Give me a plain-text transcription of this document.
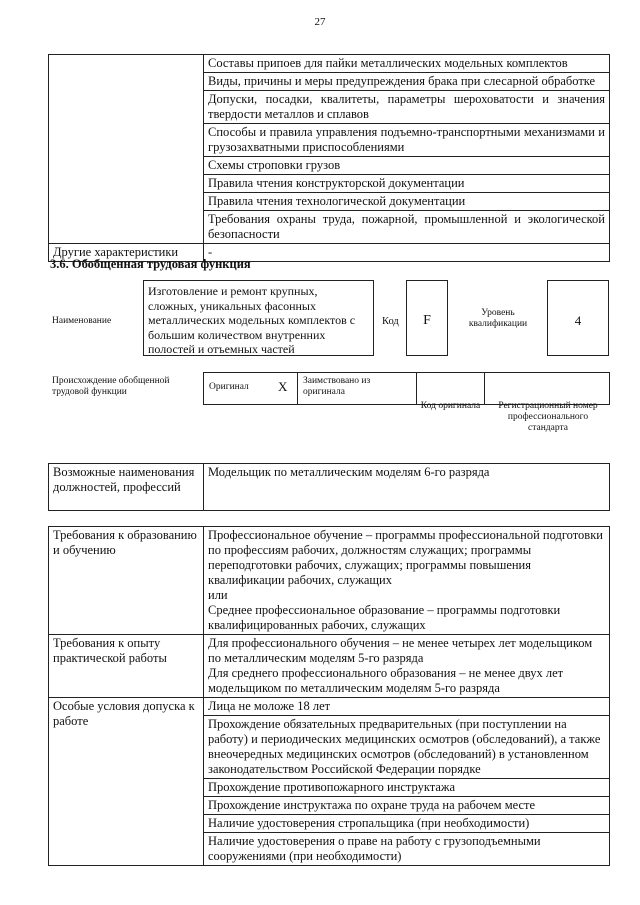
27
	Составы припоев для пайки металлических модельных комплектов
	Виды, причины и меры предупреждения брака при слесарной обработке
	Допуски, посадки, квалитеты, параметры шероховатости и значения твердости металлов и сплавов
	Способы и правила управления подъемно-транспортными механизмами и грузозахватными приспособлениями
	Схемы строповки грузов
	Правила чтения конструкторской документации
	Правила чтения технологической документации
	Требования охраны труда, пожарной, промышленной и экологической безопасности
Другие характеристики	-
3.6. Обобщенная трудовая функция
Наименование
Изготовление и ремонт крупных, сложных, уникальных фасонных металлических модельных комплектов с большим количеством внутренних полостей и отъемных частей
Код	F	Уровень квалификации	4
Происхождение обобщенной трудовой функции	Оригинал X Заимствовано из оригинала
Код оригинала	Регистрационный номер профессионального стандарта
Возможные наименования должностей, профессий	Модельщик по металлическим моделям 6-го разряда
Требования к образованию и обучению	Профессиональное обучение – программы профессиональной подготовки по профессиям рабочих, должностям служащих; программы переподготовки рабочих, служащих; программы повышения квалификации рабочих, служащих
или
Среднее профессиональное образование – программы подготовки квалифицированных рабочих, служащих

Требования к опыту практической работы	Для профессионального обучения – не менее четырех лет модельщиком по металлическим моделям 5-го разряда
Для среднего профессионального образования – не менее двух лет модельщиком по металлическим моделям 5-го разряда

Особые условия допуска к работе	Лица не моложе 18 лет
	Прохождение обязательных предварительных (при поступлении на работу) и периодических медицинских осмотров (обследований), а также внеочередных медицинских осмотров (обследований) в установленном законодательством Российской Федерации порядке
	Прохождение противопожарного инструктажа
	Прохождение инструктажа по охране труда на рабочем месте
	Наличие удостоверения стропальщика (при необходимости)
	Наличие удостоверения о праве на работу с грузоподъемными сооружениями (при необходимости)
